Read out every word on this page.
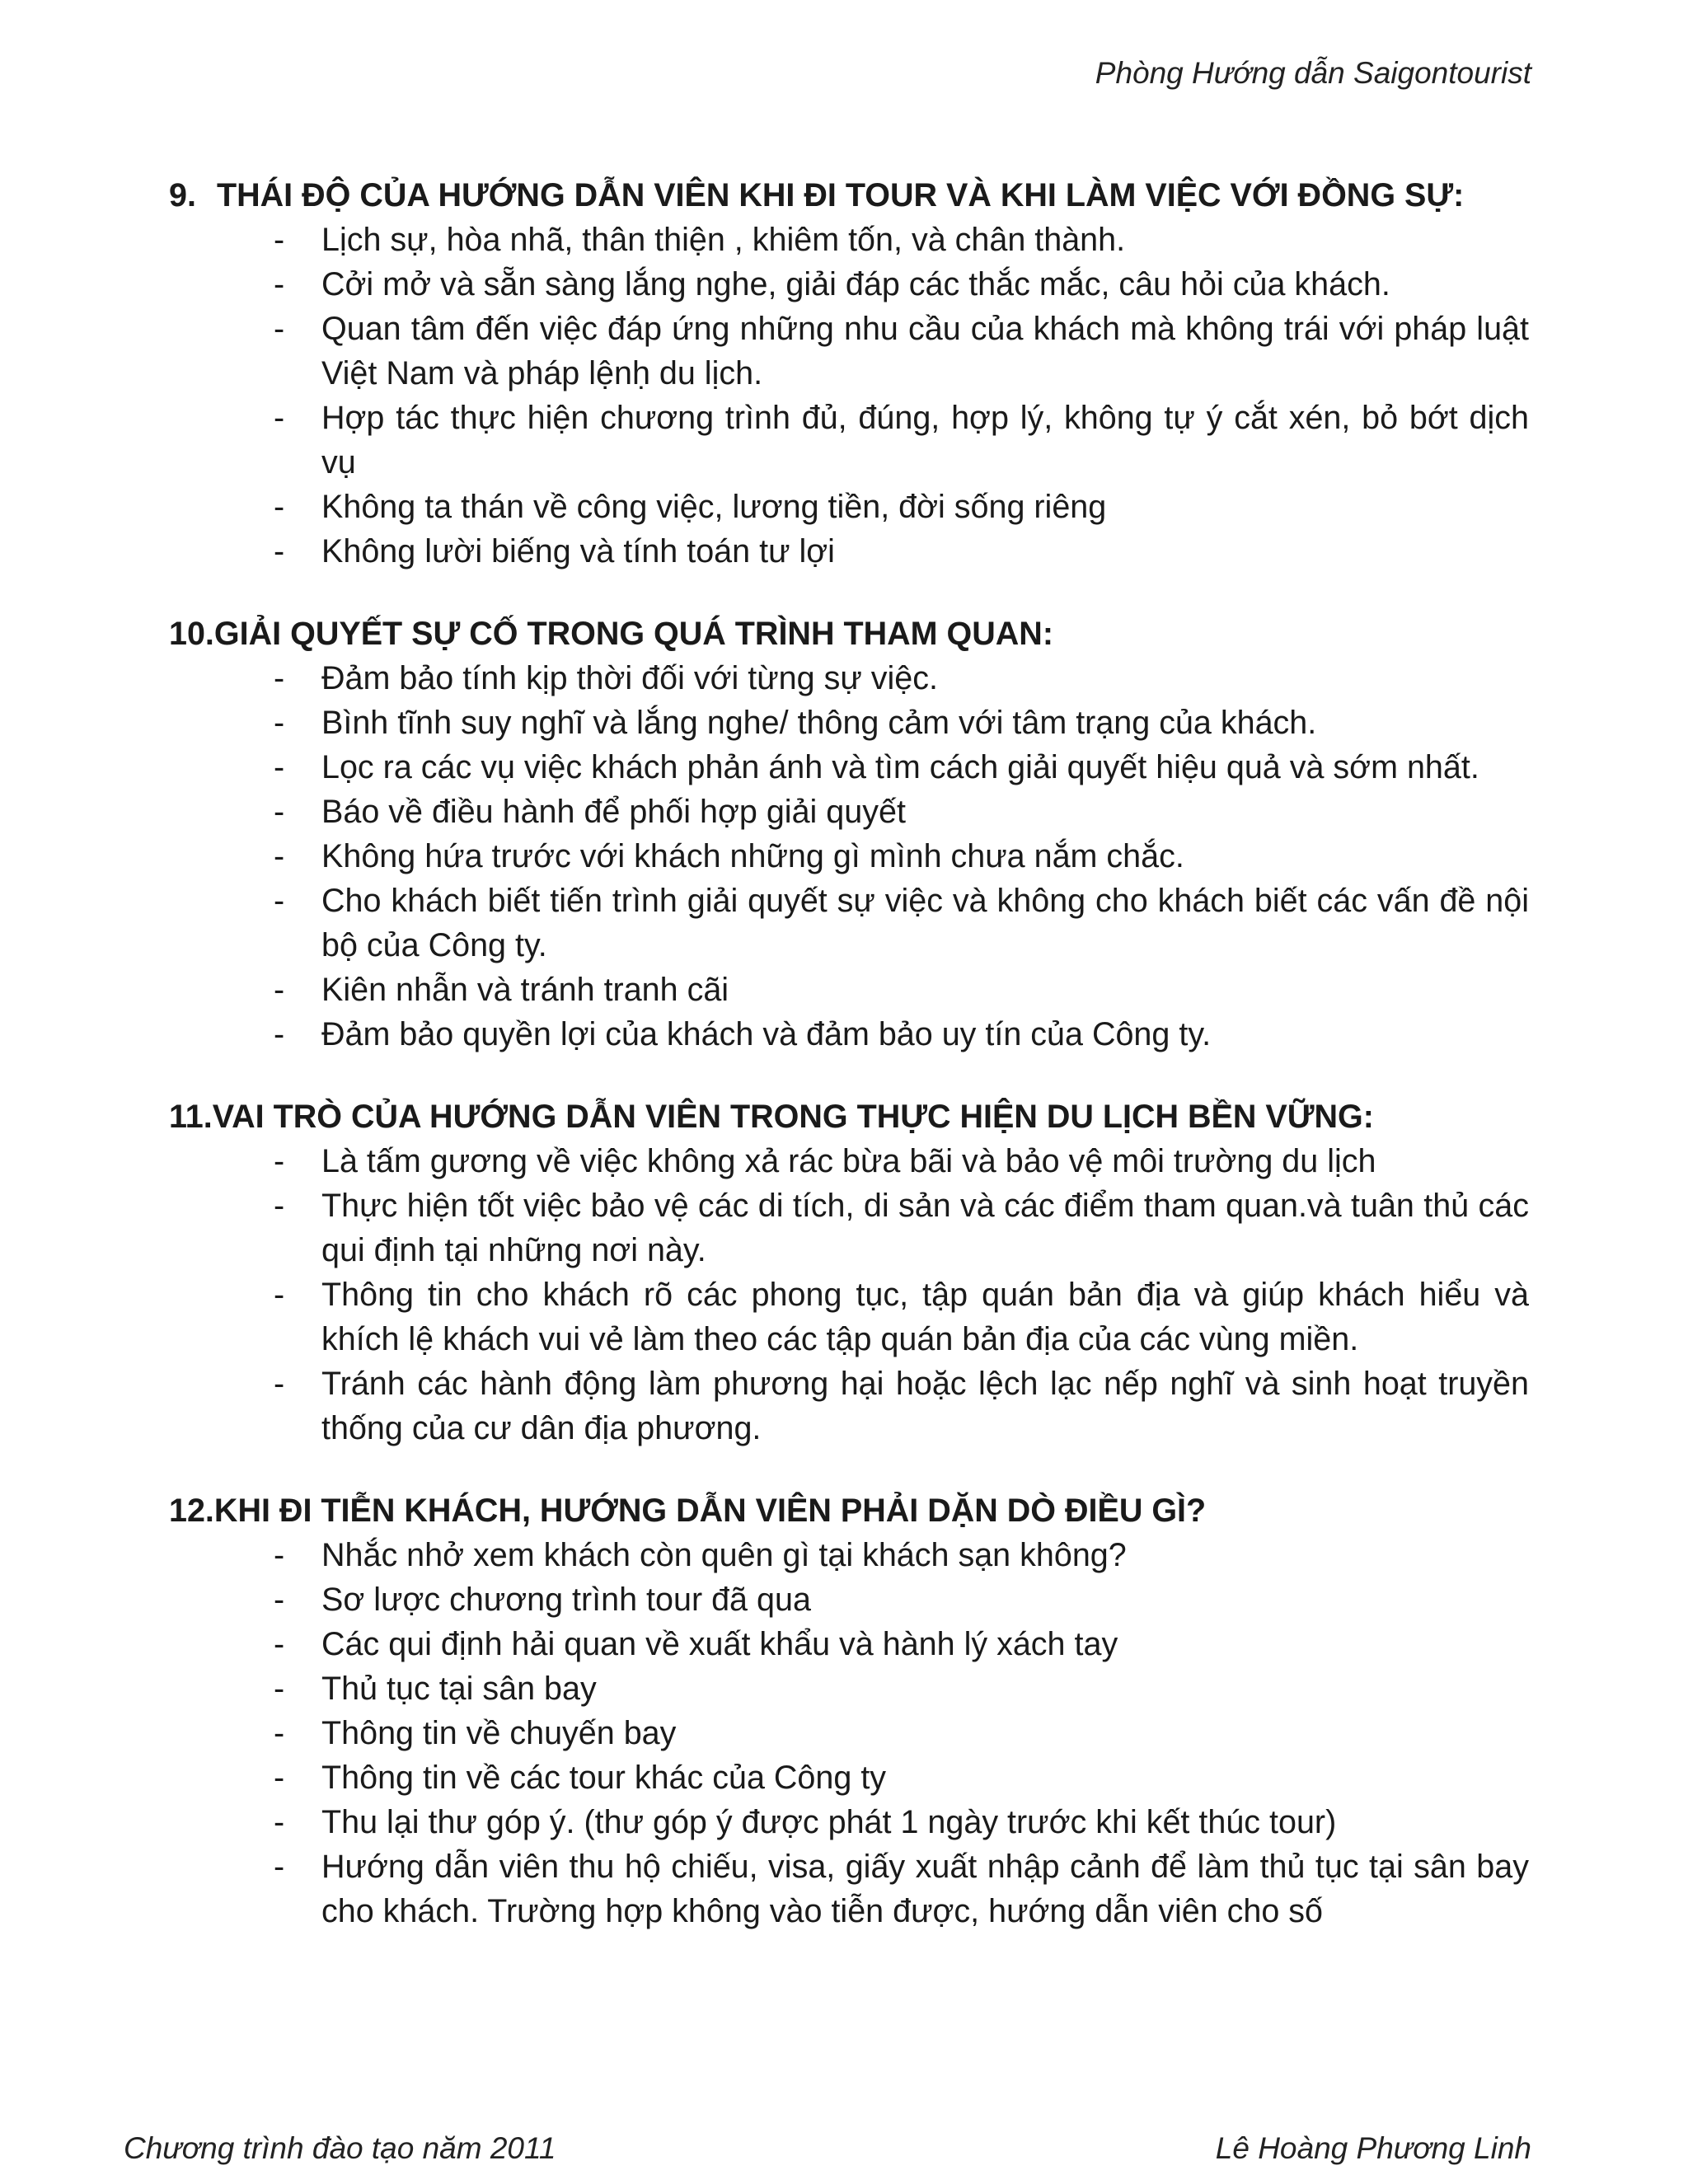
Phòng Hướng dẫn Saigontourist
9. THÁI ĐỘ CỦA HƯỚNG DẪN VIÊN KHI ĐI TOUR VÀ KHI LÀM VIỆC VỚI ĐỒNG SỰ:
- Lịch sự, hòa nhã, thân thiện , khiêm tốn, và chân thành.
- Cởi mở và sẵn sàng lắng nghe, giải đáp các thắc mắc, câu hỏi của khách.
- Quan tâm đến việc đáp ứng những nhu cầu của khách mà không trái với pháp luật Việt Nam và pháp lệnḥ du lịch.
- Hợp tác thực hiện chương trình đủ, đúng, hợp lý, không tự ý cắt xén, bỏ bớt dịch vụ
- Không ta thán về công việc, lương tiền, đời sống riêng
- Không lười biếng và tính toán tư lợi
10. GIẢI QUYẾT SỰ CỐ TRONG QUÁ TRÌNH THAM QUAN:
- Đảm bảo tính kịp thời đối với từng sự việc.
- Bình tĩnh suy nghĩ và lắng nghe/ thông cảm với tâm trạng của khách.
- Lọc ra các vụ việc khách phản ánh và tìm cách giải quyết hiệu quả và sớm nhất.
- Báo về điều hành để phối hợp giải quyết
- Không hứa trước với khách những gì mình chưa nắm chắc.
- Cho khách biết tiến trình giải quyết sự việc và không cho khách biết các vấn đề nội bộ của Công ty.
- Kiên nhẫn và tránh tranh cãi
- Đảm bảo quyền lợi của khách và đảm bảo uy tín của Công ty.
11. VAI TRÒ CỦA HƯỚNG DẪN VIÊN TRONG THỰC HIỆN DU LỊCH BỀN VỮNG:
- Là tấm gương về việc không xả rác bừa bãi và bảo vệ môi trường du lịch
- Thực hiện tốt việc bảo vệ các di tích, di sản và các điểm tham quan.và tuân thủ các qui định tại những nơi này.
- Thông tin cho khách rõ các phong tục, tập quán bản địa và giúp khách hiểu và khích lệ khách vui vẻ làm theo các tập quán bản địa của các vùng miền.
- Tránh các hành động làm phương hại hoặc lệch lạc nếp nghĩ và sinh hoạt truyền thống của cư dân địa phương.
12. KHI ĐI TIỄN KHÁCH, HƯỚNG DẪN VIÊN PHẢI DẶN DÒ ĐIỀU GÌ?
- Nhắc nhở xem khách còn quên gì tại khách sạn không?
- Sơ lược chương trình tour đã qua
- Các qui định hải quan về xuất khẩu và hành lý xách tay
- Thủ tục tại sân bay
- Thông tin về chuyến bay
- Thông tin về các tour khác của Công ty
- Thu lại thư góp ý. (thư góp ý được phát 1 ngày trước khi kết thúc tour)
- Hướng dẫn viên thu hộ chiếu, visa, giấy xuất nhập cảnh để làm thủ tục tại sân bay cho khách. Trường hợp không vào tiễn được, hướng dẫn viên cho số
Chương trình đào tạo năm 2011	Lê Hoàng Phương Linh
